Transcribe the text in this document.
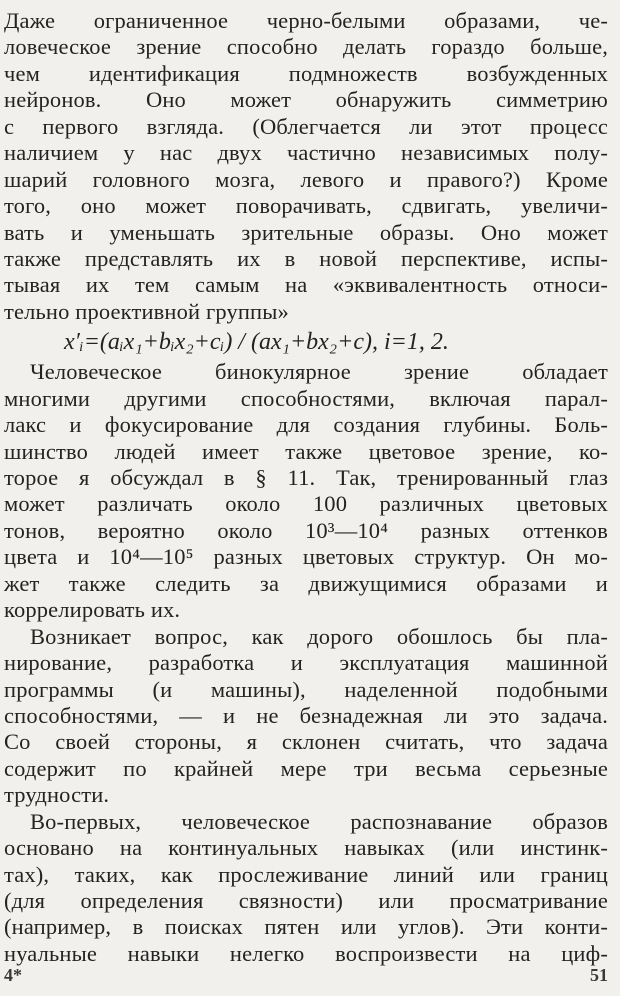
Даже ограниченное черно-белыми образами, че-
ловеческое зрение способно делать гораздо больше,
чем идентификация подмножеств возбужденных
нейронов. Оно может обнаружить симметрию
с первого взгляда. (Облегчается ли этот процесс
наличием у нас двух частично независимых полу-
шарий головного мозга, левого и правого?) Кроме
того, оно может поворачивать, сдвигать, увеличи-
вать и уменьшать зрительные образы. Оно может
также представлять их в новой перспективе, испы-
тывая их тем самым на «эквивалентность относи-
тельно проективной группы»
x′ᵢ=(aᵢx₁+bᵢx₂+cᵢ) / (ax₁+bx₂+c), i=1, 2.
Человеческое бинокулярное зрение обладает
многими другими способностями, включая парал-
лакс и фокусирование для создания глубины. Боль-
шинство людей имеет также цветовое зрение, ко-
торое я обсуждал в § 11. Так, тренированный глаз
может различать около 100 различных цветовых
тонов, вероятно около 10³—10⁴ разных оттенков
цвета и 10⁴—10⁵ разных цветовых структур. Он мо-
жет также следить за движущимися образами и
коррелировать их.
Возникает вопрос, как дорого обошлось бы пла-
нирование, разработка и эксплуатация машинной
программы (и машины), наделенной подобными
способностями, — и не безнадежная ли это задача.
Со своей стороны, я склонен считать, что задача
содержит по крайней мере три весьма серьезные
трудности.
Во-первых, человеческое распознавание образов
основано на континуальных навыках (или инстинк-
тах), таких, как прослеживание линий или границ
(для определения связности) или просматривание
(например, в поисках пятен или углов). Эти конти-
нуальные навыки нелегко воспроизвести на циф-
4*	51
